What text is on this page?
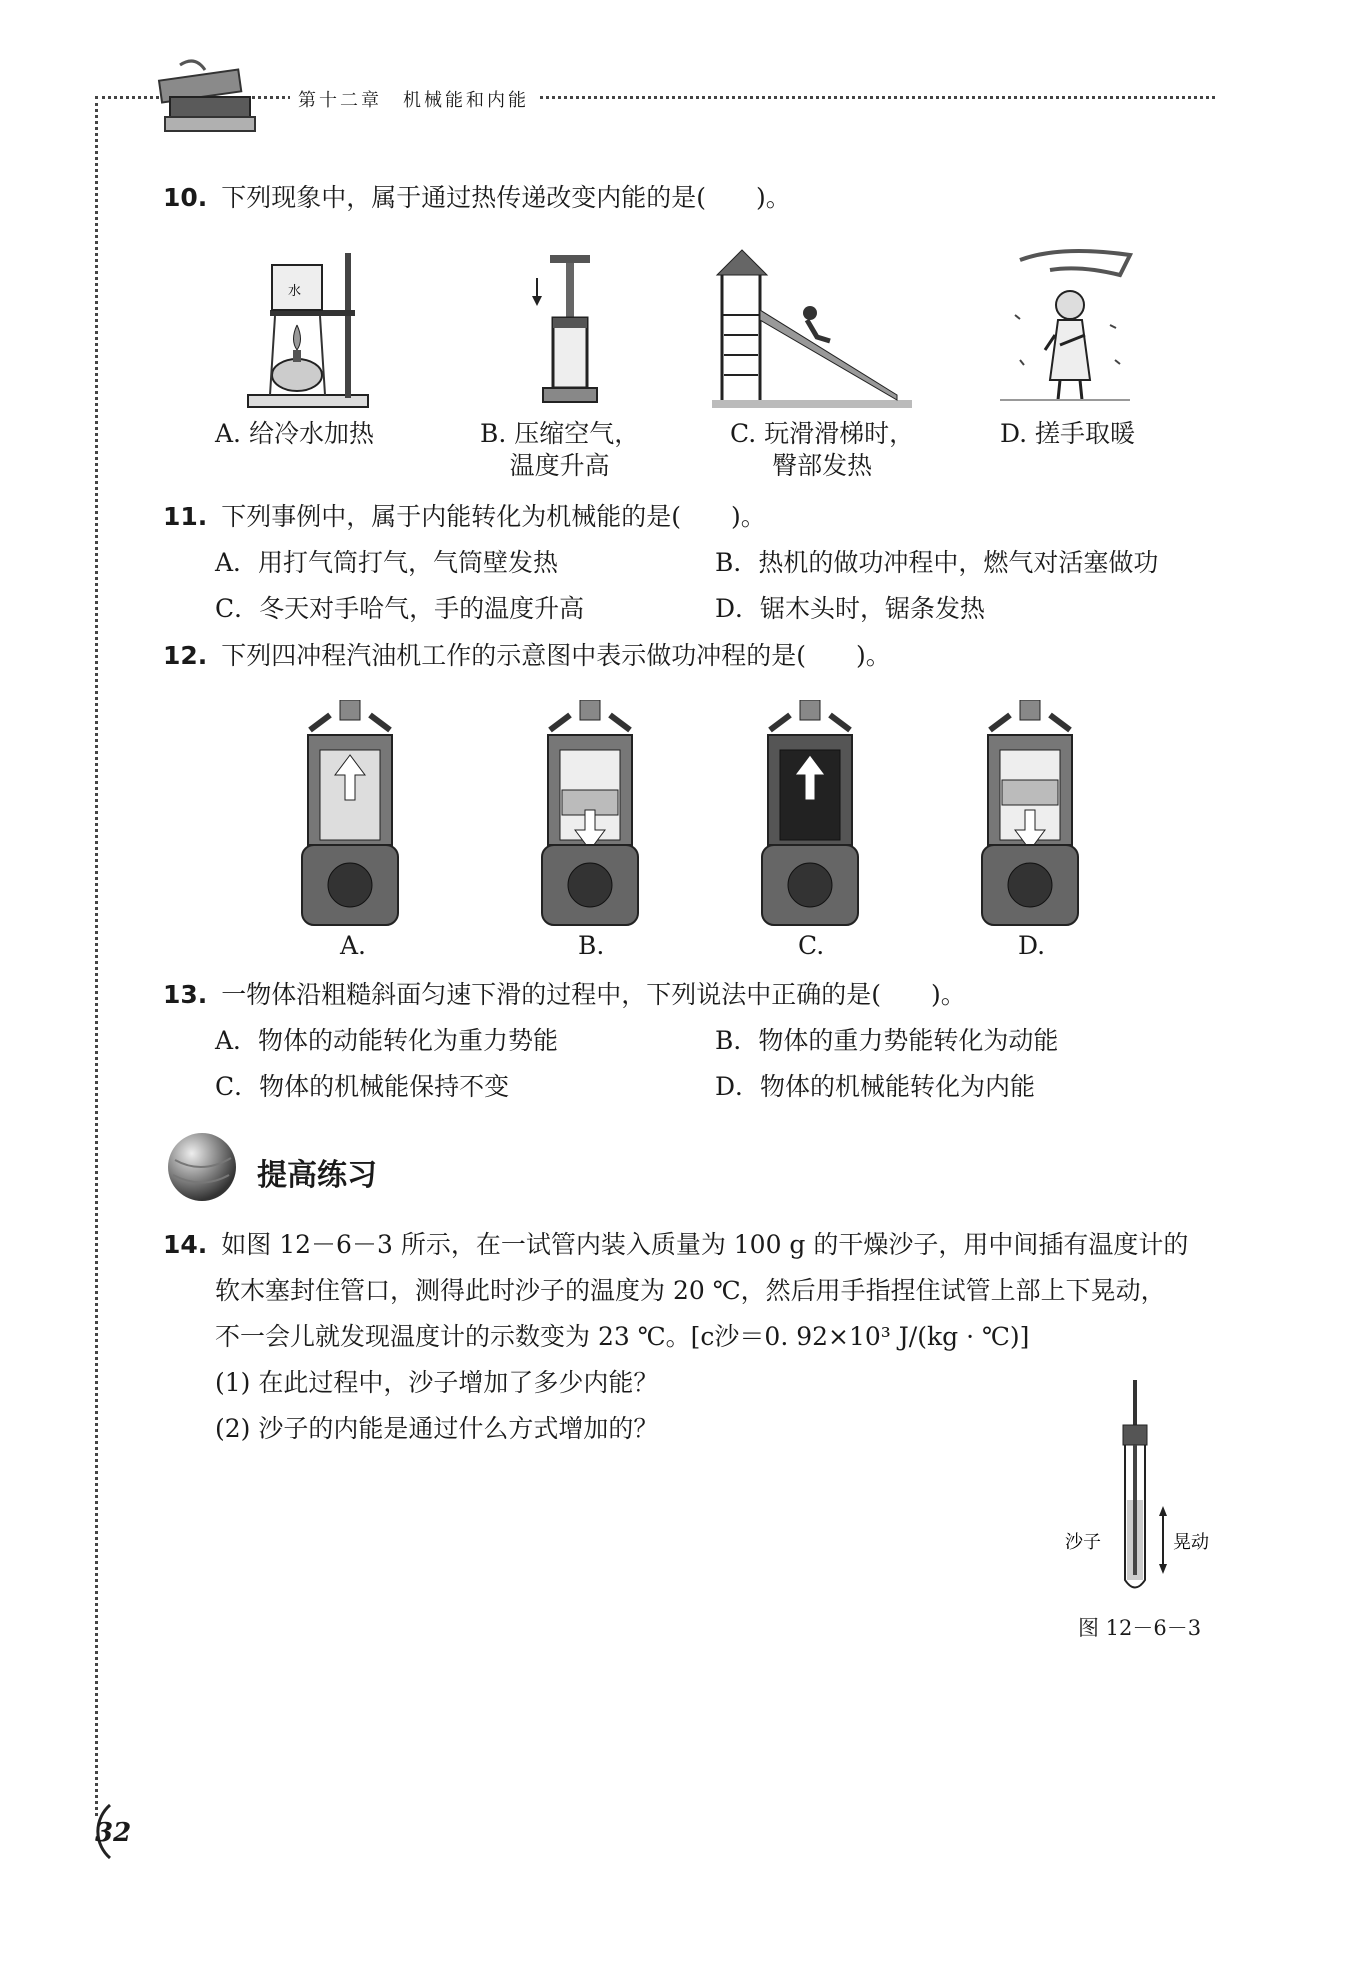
第十二章　机械能和内能
10. 下列现象中，属于通过热传递改变内能的是(　　)。
水
A. 给冷水加热	B. 压缩空气，
温度升高
C. 玩滑滑梯时，
臀部发热
D. 搓手取暖
11. 下列事例中，属于内能转化为机械能的是(　　)。
A．用打气筒打气，气筒壁发热	B．热机的做功冲程中，燃气对活塞做功
C．冬天对手哈气，手的温度升高	D．锯木头时，锯条发热
12. 下列四冲程汽油机工作的示意图中表示做功冲程的是(　　)。
A.	B.	C.	D.
13. 一物体沿粗糙斜面匀速下滑的过程中，下列说法中正确的是(　　)。
A．物体的动能转化为重力势能	B．物体的重力势能转化为动能
C．物体的机械能保持不变	D．物体的机械能转化为内能
提高练习
14. 如图 12－6－3 所示，在一试管内装入质量为 100 g 的干燥沙子，用中间插有温度计的
软木塞封住管口，测得此时沙子的温度为 20 ℃，然后用手指捏住试管上部上下晃动，
不一会儿就发现温度计的示数变为 23 ℃。[c沙＝0. 92×10³ J/(kg · ℃)]
(1) 在此过程中，沙子增加了多少内能？
(2) 沙子的内能是通过什么方式增加的？
沙子	晃动
图 12－6－3
32
